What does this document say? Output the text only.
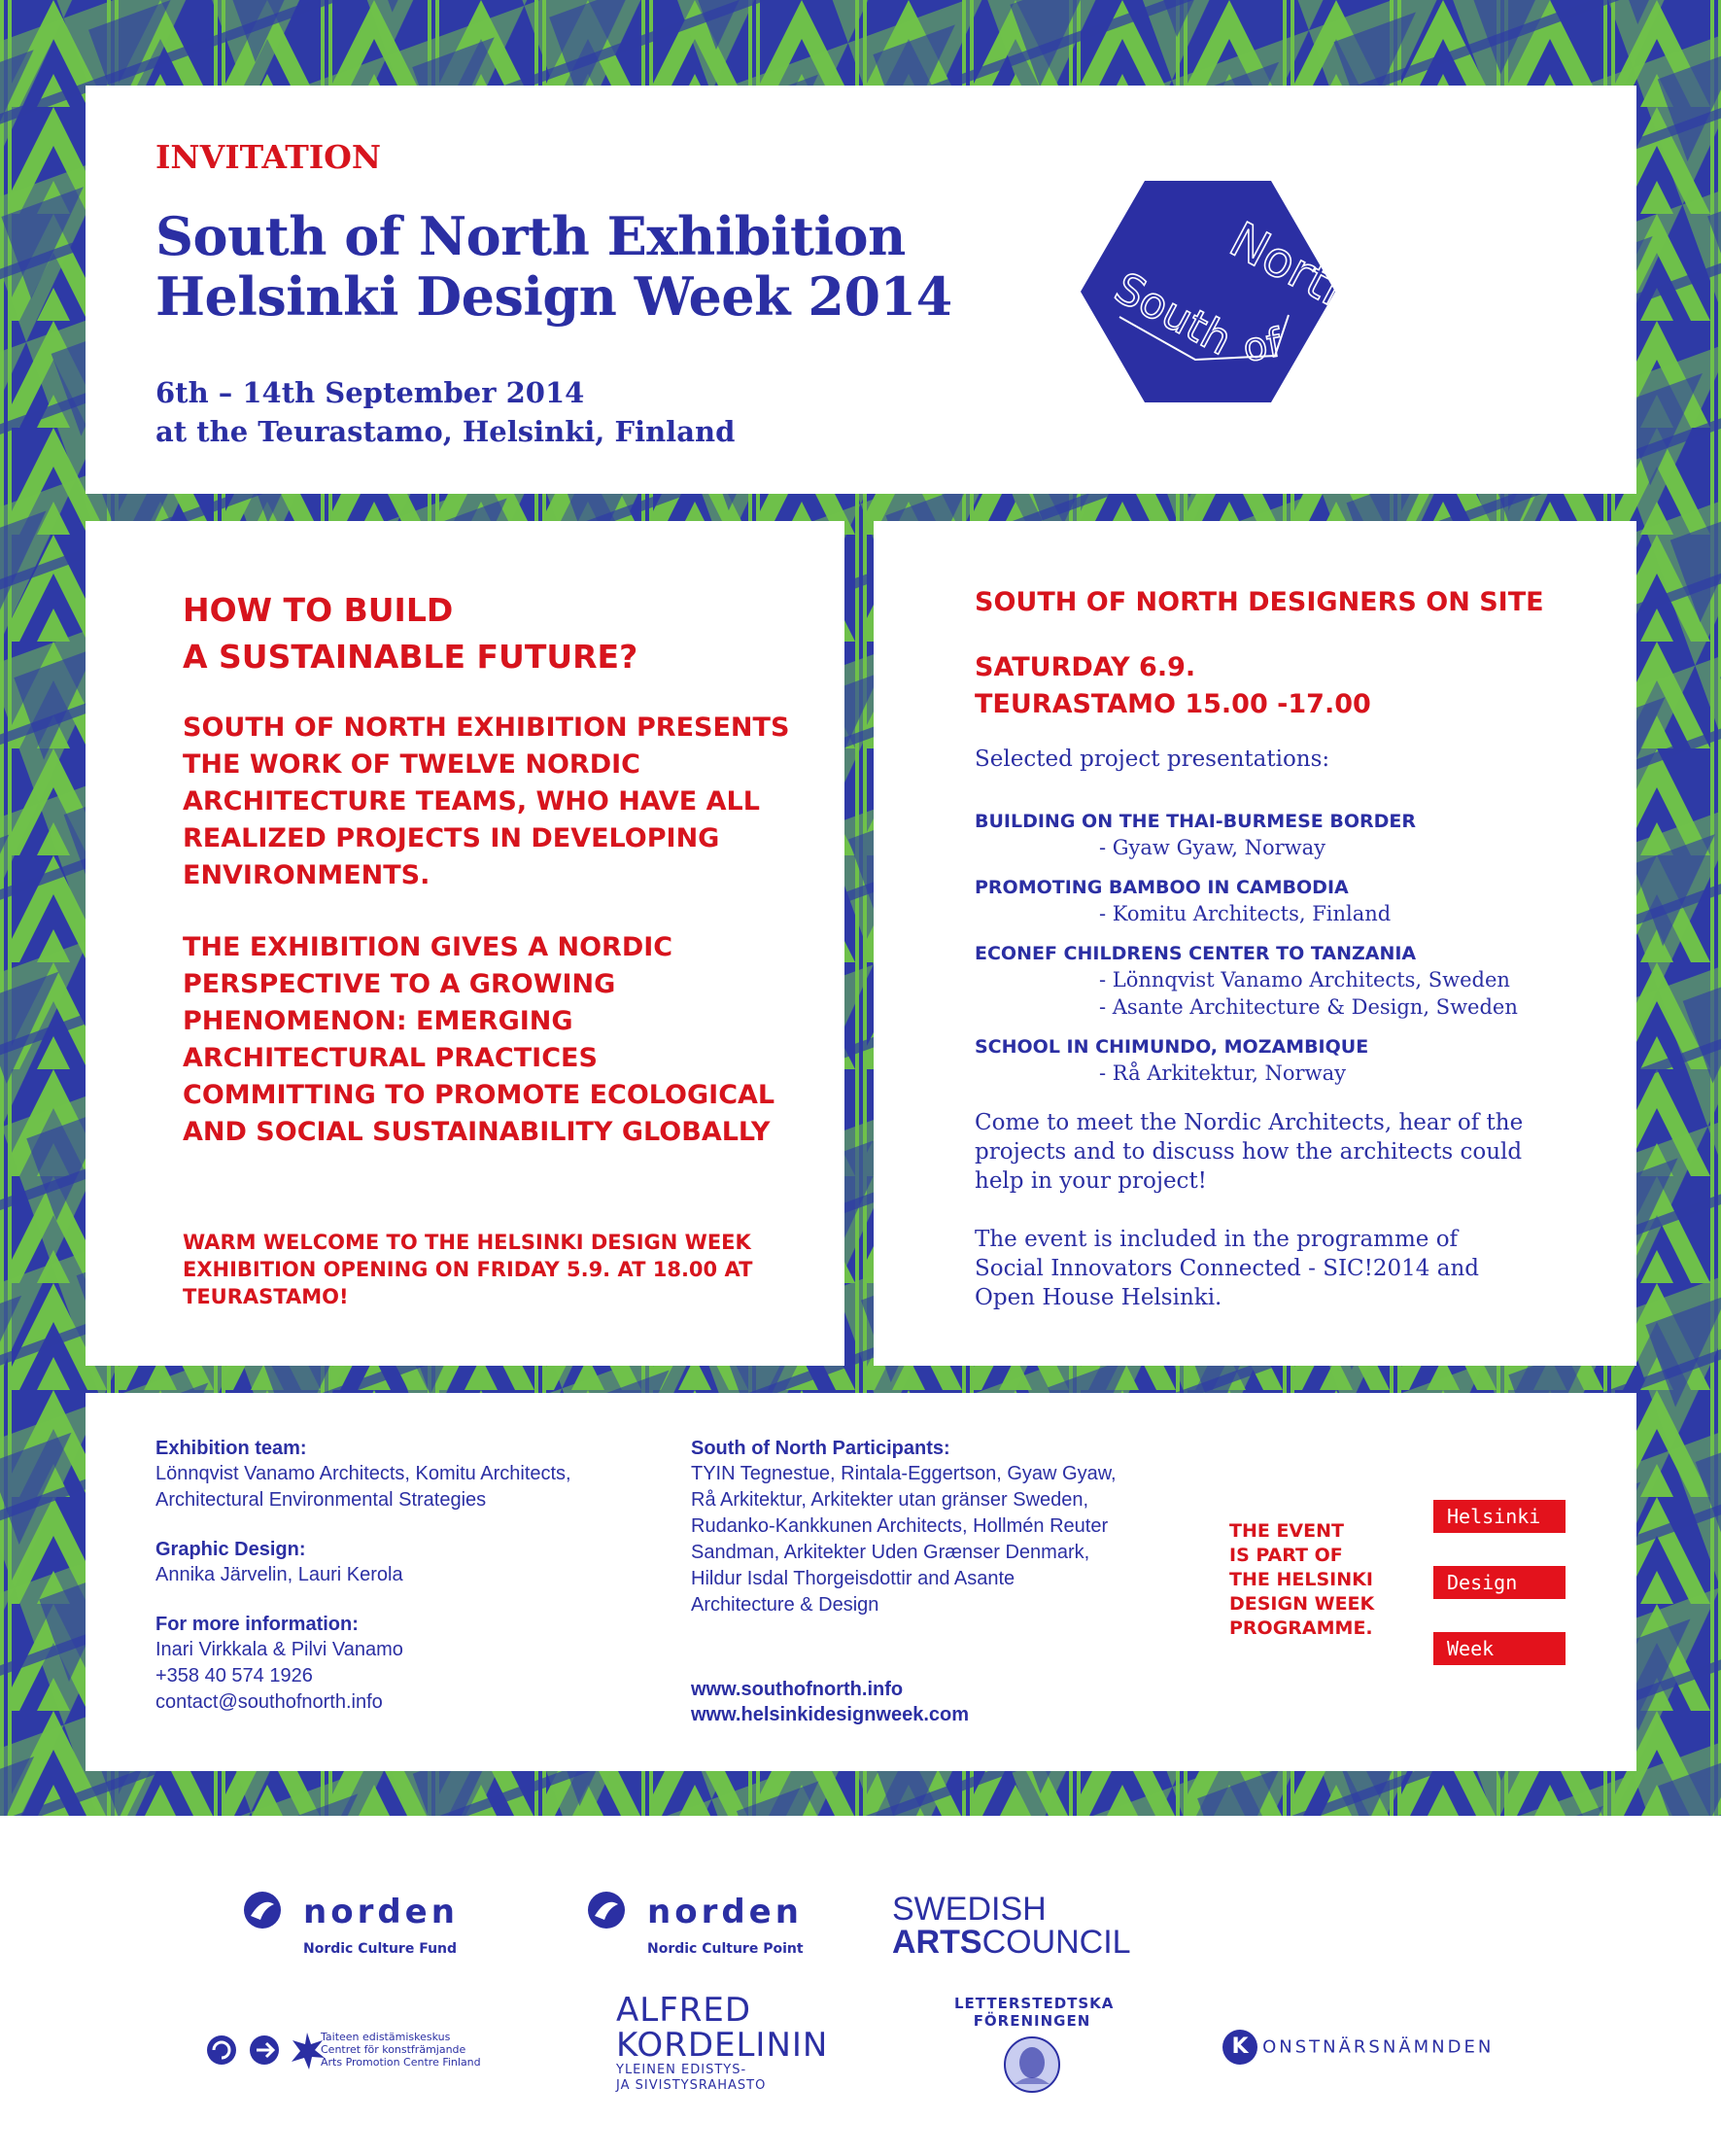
INVITATION

South of North Exhibition
Helsinki Design Week 2014
6th – 14th September 2014
at the Teurastamo, Helsinki, Finland
North
South of
HOW TO BUILD
A SUSTAINABLE FUTURE?
SOUTH OF NORTH EXHIBITION PRESENTS
THE WORK OF TWELVE NORDIC
ARCHITECTURE TEAMS, WHO HAVE ALL
REALIZED PROJECTS IN DEVELOPING
ENVIRONMENTS.
THE EXHIBITION GIVES A NORDIC
PERSPECTIVE TO A GROWING
PHENOMENON: EMERGING
ARCHITECTURAL PRACTICES
COMMITTING TO PROMOTE ECOLOGICAL
AND SOCIAL SUSTAINABILITY GLOBALLY
WARM WELCOME TO THE HELSINKI DESIGN WEEK
EXHIBITION OPENING ON FRIDAY 5.9. AT 18.00 AT
TEURASTAMO!

SOUTH OF NORTH DESIGNERS ON SITE

SATURDAY 6.9.
TEURASTAMO 15.00 -17.00

Selected project presentations:

BUILDING ON THE THAI-BURMESE BORDER

- Gyaw Gyaw, Norway

PROMOTING BAMBOO IN CAMBODIA

- Komitu Architects, Finland

ECONEF CHILDRENS CENTER TO TANZANIA

- Lönnqvist Vanamo Architects, Sweden

- Asante Architecture & Design, Sweden

SCHOOL IN CHIMUNDO, MOZAMBIQUE

- Rå Arkitektur, Norway

Come to meet the Nordic Architects, hear of the
projects and to discuss how the architects could
help in your project!
The event is included in the programme of
Social Innovators Connected - SIC!2014 and
Open House Helsinki.

Exhibition team:

Lönnqvist Vanamo Architects, Komitu Architects,

Architectural Environmental Strategies

Graphic Design:

Annika Järvelin, Lauri Kerola

For more information:

Inari Virkkala & Pilvi Vanamo

+358 40 574 1926

contact@southofnorth.info

South of North Participants:

TYIN Tegnestue, Rintala-Eggertson, Gyaw Gyaw,

Rå Arkitektur, Arkitekter utan gränser Sweden,

Rudanko-Kankkunen Architects, Hollmén Reuter

Sandman, Arkitekter Uden Grænser Denmark,

Hildur Isdal Thorgeisdottir and Asante

Architecture & Design

www.southofnorth.info

www.helsinkidesignweek.com

THE EVENT
IS PART OF
THE HELSINKI
DESIGN WEEK
PROGRAMME.
Helsinki
Design
Week
norden
Nordic Culture Fund
norden
Nordic Culture Point
SWEDISH
ARTSCOUNCIL
Taiteen edistämiskeskus
Centret för konstfrämjande
Arts Promotion Centre Finland
ALFRED
KORDELININ
YLEINEN EDISTYS-
JA SIVISTYSRAHASTO
LETTERSTEDTSKA
FÖRENINGEN
K ONSTNÄRSNÄMNDEN
